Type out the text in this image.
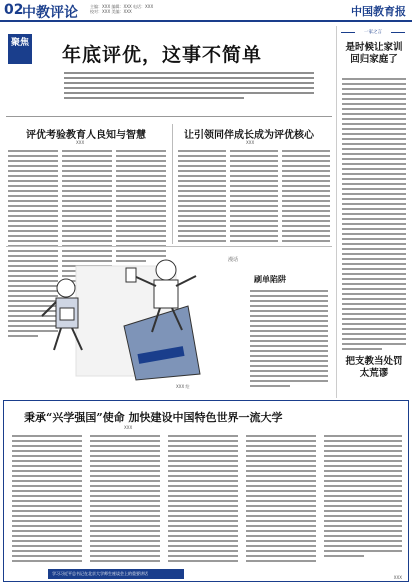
02
中教评论	主编：XXX 编辑：XXX 电话：XXX
校对：XXX 美编：XXX	中国教育报
聚焦
年底评优，这事不简单
评优考验教育人良知与智慧
XXX
让引领同伴成长成为评优核心
XXX
漫话
刷单陷阱
XXX 绘
一家之言
是时候让家训回归家庭了
把支教当处罚太荒谬
秉承“兴学强国”使命 加快建设中国特色世界一流大学
XXX
学习习近平总书记在北京大学师生座谈会上的重要讲话
XXX
